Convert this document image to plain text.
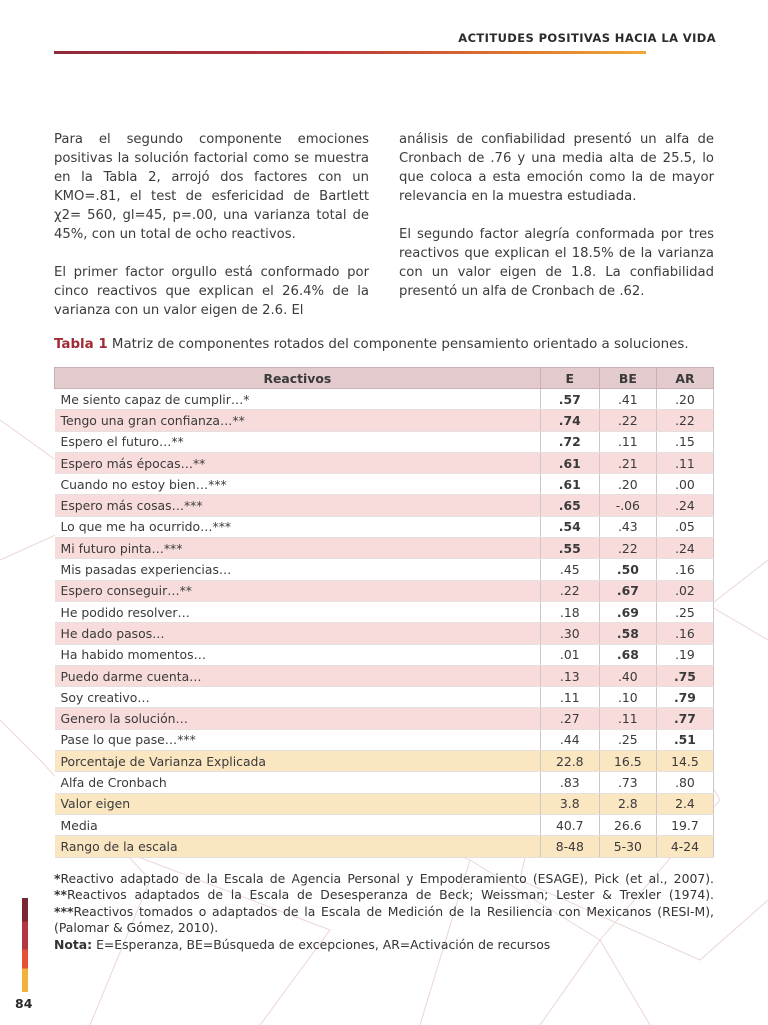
ACTITUDES POSITIVAS HACIA LA VIDA

Para el segundo componente emociones positivas la solución factorial como se muestra en la Tabla 2, arrojó dos factores con un KMO=.81, el test de esfericidad de Bartlett χ2= 560, gl=45, p=.00, una varianza total de 45%, con un total de ocho reactivos.

El primer factor orgullo está conformado por cinco reactivos que explican el 26.4% de la varianza con un valor eigen de 2.6. El

análisis de confiabilidad presentó un alfa de Cronbach de .76 y una media alta de 25.5, lo que coloca a esta emoción como la de mayor relevancia en la muestra estudiada.

El segundo factor alegría conformada por tres reactivos que explican el 18.5% de la varianza con un valor eigen de 1.8. La confiabilidad presentó un alfa de Cronbach de .62.

Tabla 1 Matriz de componentes rotados del componente pensamiento orientado a soluciones.
Reactivos	E	BE	AR
Me siento capaz de cumplir…*	.57	.41	.20
Tengo una gran confianza…**	.74	.22	.22
Espero el futuro…**	.72	.11	.15
Espero más épocas…**	.61	.21	.11
Cuando no estoy bien…***	.61	.20	.00
Espero más cosas…***	.65	-.06	.24
Lo que me ha ocurrido…***	.54	.43	.05
Mi futuro pinta…***	.55	.22	.24
Mis pasadas experiencias…	.45	.50	.16
Espero conseguir…**	.22	.67	.02
He podido resolver…	.18	.69	.25
He dado pasos…	.30	.58	.16
Ha habido momentos…	.01	.68	.19
Puedo darme cuenta…	.13	.40	.75
Soy creativo…	.11	.10	.79
Genero la solución…	.27	.11	.77
Pase lo que pase…***	.44	.25	.51
Porcentaje de Varianza Explicada	22.8	16.5	14.5
Alfa de Cronbach	.83	.73	.80
Valor eigen	3.8	2.8	2.4
Media	40.7	26.6	19.7
Rango de la escala	8-48	5-30	4-24

*Reactivo adaptado de la Escala de Agencia Personal y Empoderamiento (ESAGE), Pick (et al., 2007). **Reactivos adaptados de la Escala de Desesperanza de Beck; Weissman; Lester & Trexler (1974). ***Reactivos tomados o adaptados de la Escala de Medición de la Resiliencia con Mexicanos (RESI-M), (Palomar & Gómez, 2010).

Nota: E=Esperanza, BE=Búsqueda de excepciones, AR=Activación de recursos

84
